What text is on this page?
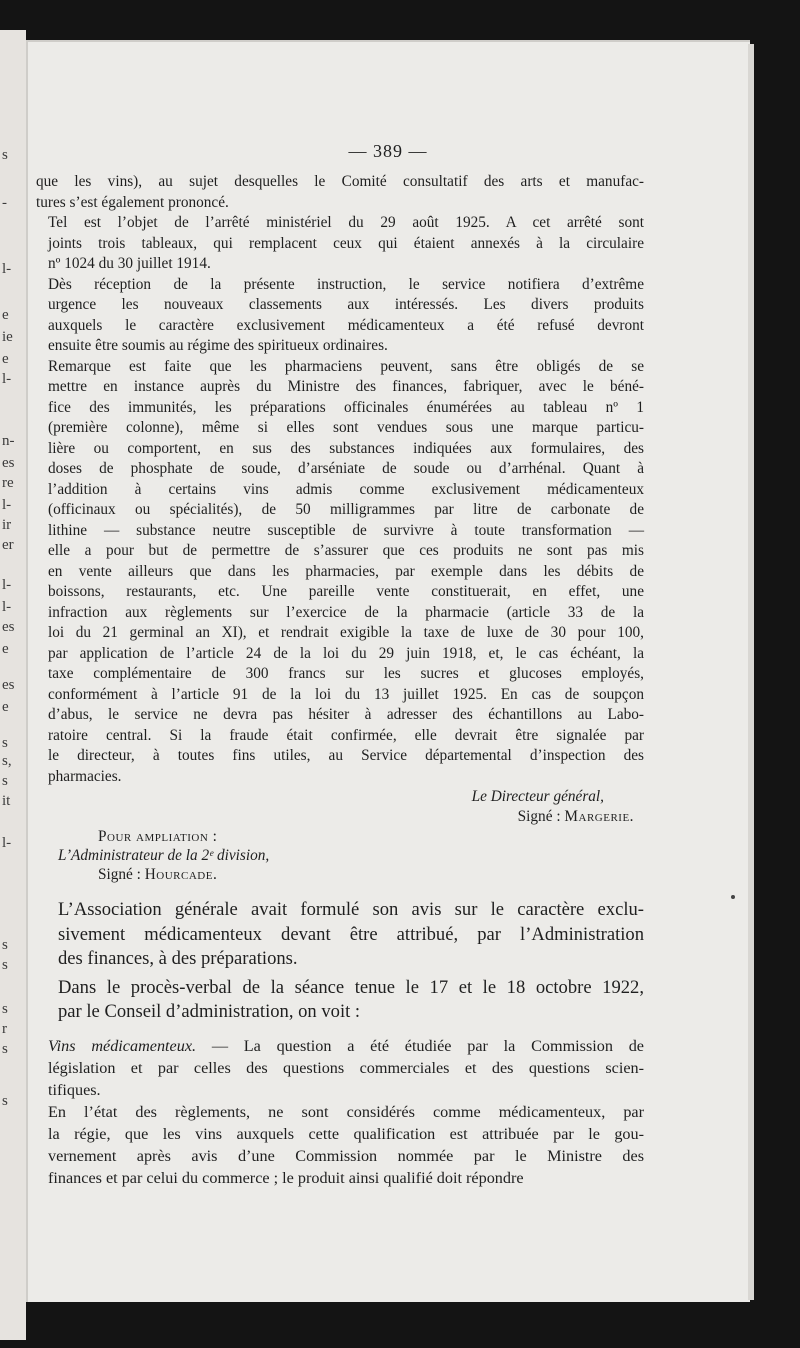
s
-
l-
e
ie
e
l-
n-
es
re
l-
ir
er
l-
l-
es
e
es
e
s
s,
s
it
l-
s
s
s
r
s
s
— 389 —

que les vins), au sujet desquelles le Comité consultatif des arts et manufac-
tures s’est également prononcé.

Tel est l’objet de l’arrêté ministériel du 29 août 1925. A cet arrêté sont
joints trois tableaux, qui remplacent ceux qui étaient annexés à la circulaire
nº 1024 du 30 juillet 1914.

Dès réception de la présente instruction, le service notifiera d’extrême
urgence les nouveaux classements aux intéressés. Les divers produits
auxquels le caractère exclusivement médicamenteux a été refusé devront
ensuite être soumis au régime des spiritueux ordinaires.

Remarque est faite que les pharmaciens peuvent, sans être obligés de se
mettre en instance auprès du Ministre des finances, fabriquer, avec le béné-
fice des immunités, les préparations officinales énumérées au tableau nº 1
(première colonne), même si elles sont vendues sous une marque particu-
lière ou comportent, en sus des substances indiquées aux formulaires, des
doses de phosphate de soude, d’arséniate de soude ou d’arrhénal. Quant à
l’addition à certains vins admis comme exclusivement médicamenteux
(officinaux ou spécialités), de 50 milligrammes par litre de carbonate de
lithine — substance neutre susceptible de survivre à toute transformation —
elle a pour but de permettre de s’assurer que ces produits ne sont pas mis
en vente ailleurs que dans les pharmacies, par exemple dans les débits de
boissons, restaurants, etc. Une pareille vente constituerait, en effet, une
infraction aux règlements sur l’exercice de la pharmacie (article 33 de la
loi du 21 germinal an XI), et rendrait exigible la taxe de luxe de 30 pour 100,
par application de l’article 24 de la loi du 29 juin 1918, et, le cas échéant, la
taxe complémentaire de 300 francs sur les sucres et glucoses employés,
conformément à l’article 91 de la loi du 13 juillet 1925. En cas de soupçon
d’abus, le service ne devra pas hésiter à adresser des échantillons au Labo-
ratoire central. Si la fraude était confirmée, elle devrait être signalée par
le directeur, à toutes fins utiles, au Service départemental d’inspection des
pharmacies.

Le Directeur général,
Signé : Margerie.
Pour ampliation :
L’Administrateur de la 2ᵉ division,
Signé : Hourcade.

L’Association générale avait formulé son avis sur le caractère exclu-
sivement médicamenteux devant être attribué, par l’Administration
des finances, à des préparations.

Dans le procès-verbal de la séance tenue le 17 et le 18 octobre 1922,
par le Conseil d’administration, on voit :

Vins médicamenteux. — La question a été étudiée par la Commission de
législation et par celles des questions commerciales et des questions scien-
tifiques.

En l’état des règlements, ne sont considérés comme médicamenteux, par
la régie, que les vins auxquels cette qualification est attribuée par le gou-
vernement après avis d’une Commission nommée par le Ministre des
finances et par celui du commerce ; le produit ainsi qualifié doit répondre
